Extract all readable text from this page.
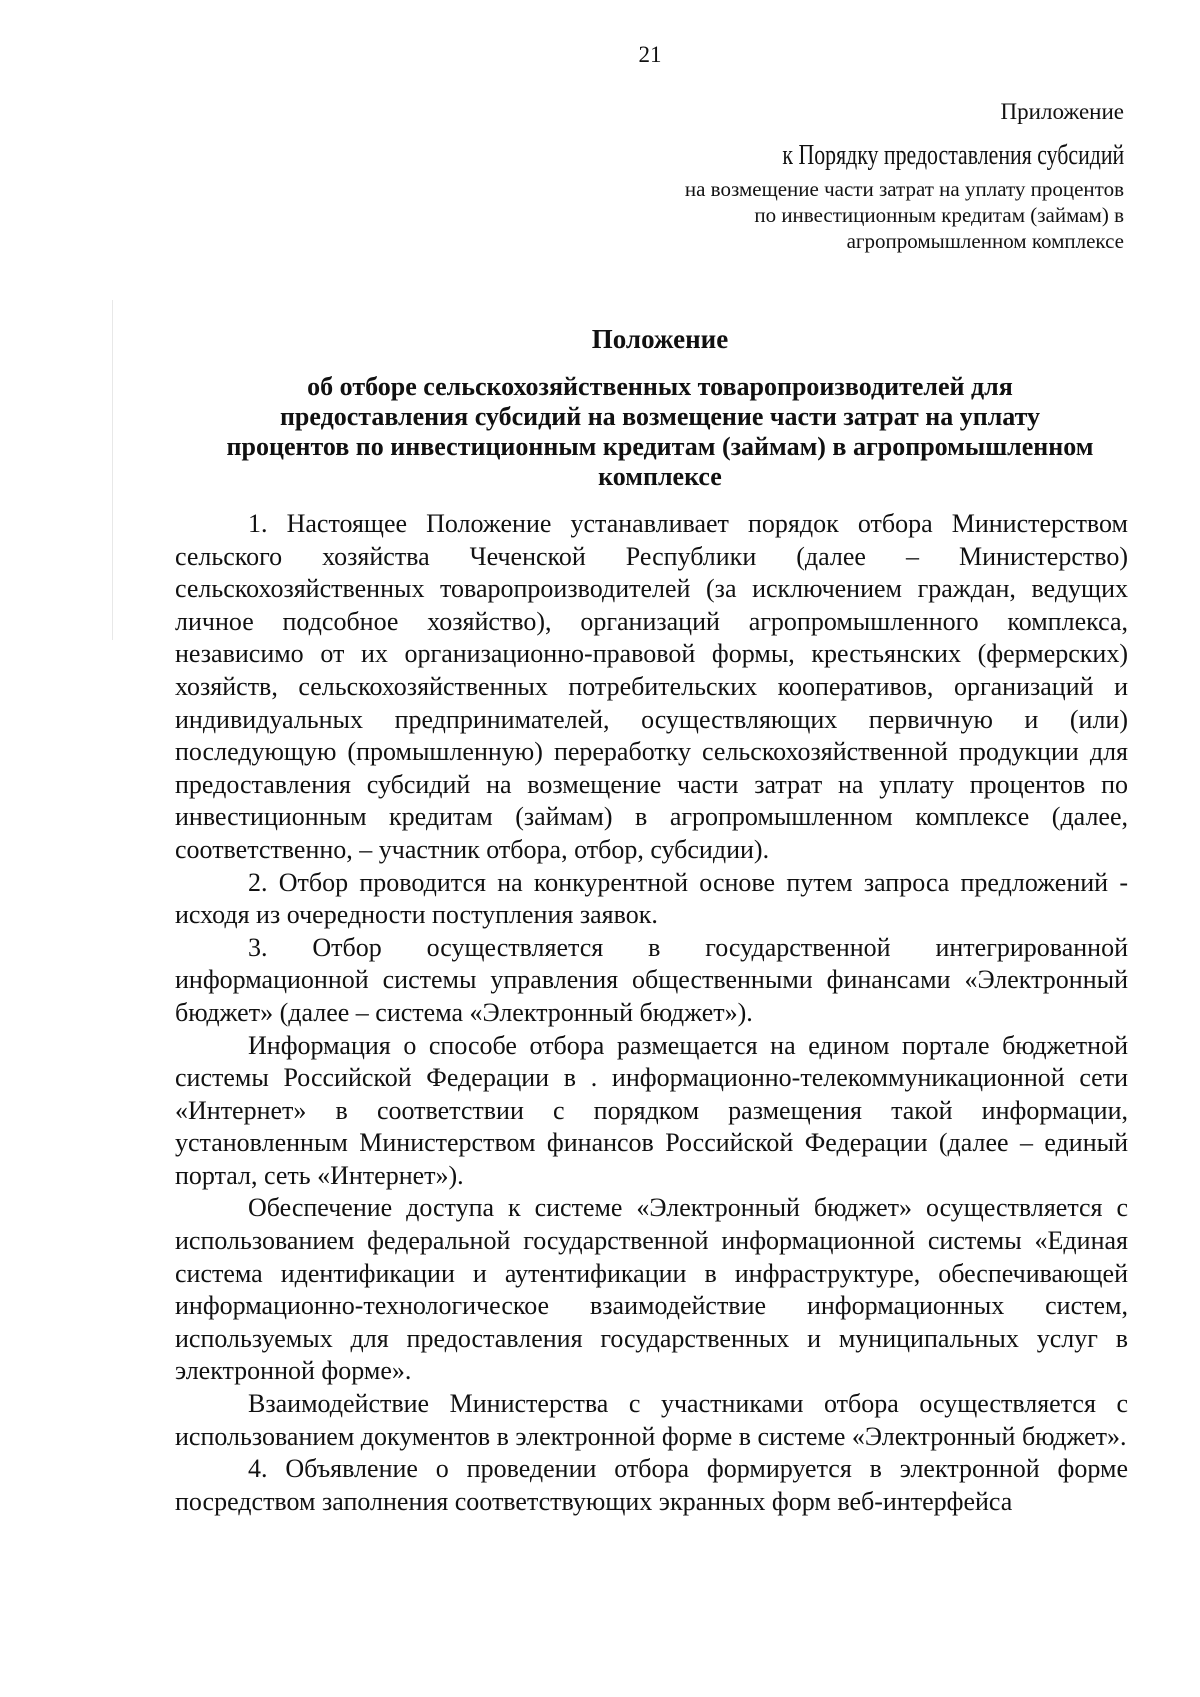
21
Приложение
к Порядку предоставления субсидий
на возмещение части затрат на уплату процентов
по инвестиционным кредитам (займам) в
агропромышленном комплексе
Положение
об отборе сельскохозяйственных товаропроизводителей для предоставления субсидий на возмещение части затрат на уплату процентов по инвестиционным кредитам (займам) в агропромышленном комплексе

1. Настоящее Положение устанавливает порядок отбора Министерством сельского хозяйства Чеченской Республики (далее – Министерство) сельскохозяйственных товаропроизводителей (за исключением граждан, ведущих личное подсобное хозяйство), организаций агропромышленного комплекса, независимо от их организационно-правовой формы, крестьянских (фермерских) хозяйств, сельскохозяйственных потребительских кооперативов, организаций и индивидуальных предпринимателей, осуществляющих первичную и (или) последующую (промышленную) переработку сельскохозяйственной продукции для предоставления субсидий на возмещение части затрат на уплату процентов по инвестиционным кредитам (займам) в агропромышленном комплексе (далее, соответственно, – участник отбора, отбор, субсидии).

2. Отбор проводится на конкурентной основе путем запроса предложений - исходя из очередности поступления заявок.

3. Отбор осуществляется в государственной интегрированной информационной системы управления общественными финансами «Электронный бюджет» (далее – система «Электронный бюджет»).

Информация о способе отбора размещается на едином портале бюджетной системы Российской Федерации в . информационно-телекоммуникационной сети «Интернет» в соответствии с порядком размещения такой информации, установленным Министерством финансов Российской Федерации (далее – единый портал, сеть «Интернет»).

Обеспечение доступа к системе «Электронный бюджет» осуществляется с использованием федеральной государственной информационной системы «Единая система идентификации и аутентификации в инфраструктуре, обеспечивающей информационно-технологическое взаимодействие информационных систем, используемых для предоставления государственных и муниципальных услуг в электронной форме».

Взаимодействие Министерства с участниками отбора осуществляется с использованием документов в электронной форме в системе «Электронный бюджет».

4. Объявление о проведении отбора формируется в электронной форме посредством заполнения соответствующих экранных форм веб-интерфейса
